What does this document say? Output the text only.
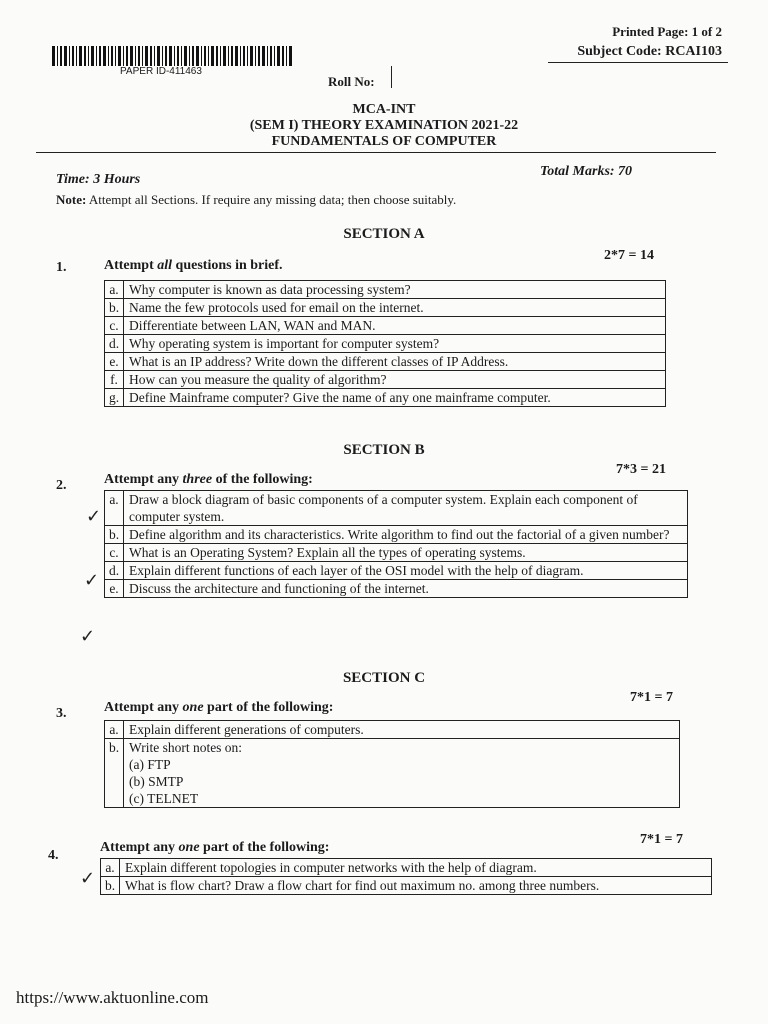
Printed Page: 1 of 2
Subject Code: RCAI103
PAPER ID-411463
Roll No:
MCA-INT
(SEM I) THEORY EXAMINATION 2021-22
FUNDAMENTALS OF COMPUTER
Time: 3 Hours
Total Marks: 70
Note: Attempt all Sections. If require any missing data; then choose suitably.
SECTION A
1.	Attempt all questions in brief.
2*7 = 14
a.	Why computer is known as data processing system?
b.	Name the few protocols used for email on the internet.
c.	Differentiate between LAN, WAN and MAN.
d.	Why operating system is important for computer system?
e.	What is an IP address? Write down the different classes of IP Address.
f.	How can you measure the quality of algorithm?
g.	Define Mainframe computer? Give the name of any one mainframe computer.
SECTION B
2.	Attempt any three of the following:
7*3 = 21
a.	Draw a block diagram of basic components of a computer system. Explain each component of computer system.
b.	Define algorithm and its characteristics. Write algorithm to find out the factorial of a given number?
c.	What is an Operating System? Explain all the types of operating systems.
d.	Explain different functions of each layer of the OSI model with the help of diagram.
e.	Discuss the architecture and functioning of the internet.
✓
✓
✓
SECTION C
3.	Attempt any one part of the following:
7*1 = 7
a.	Explain different generations of computers.
b.	Write short notes on:
(a) FTP
(b) SMTP
(c) TELNET
4.
Attempt any one part of the following:
7*1 = 7
a.	Explain different topologies in computer networks with the help of diagram.
b.	What is flow chart? Draw a flow chart for find out maximum no. among three numbers.
✓
https://www.aktuonline.com
